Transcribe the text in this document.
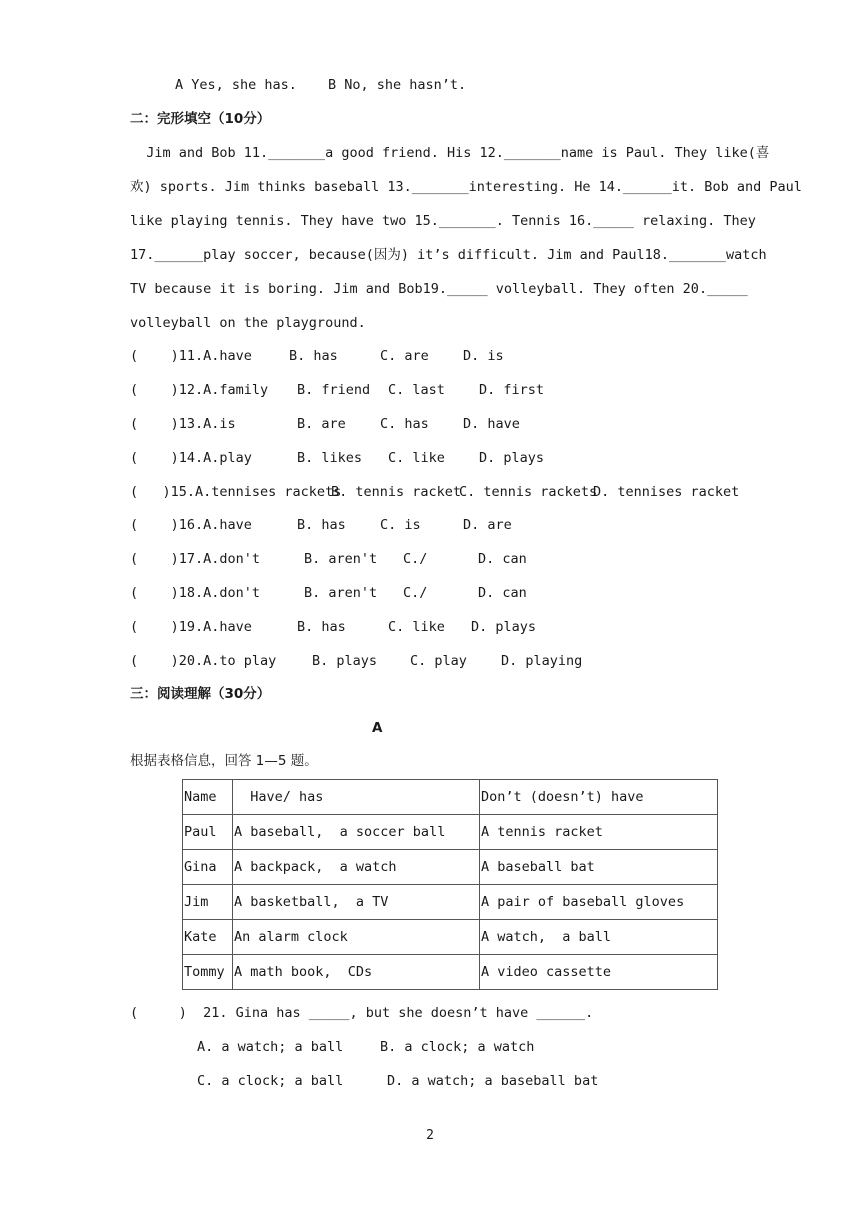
A Yes, she has. B No, she hasn’t.
二：完形填空（10分）
Jim and Bob 11._______a good friend. His 12._______name is Paul. They like(喜
欢) sports. Jim thinks baseball 13._______interesting. He 14.______it. Bob and Paul
like playing tennis. They have two 15._______. Tennis 16._____ relaxing. They
17.______play soccer, because(因为) it’s difficult. Jim and Paul18._______watch
TV because it is boring. Jim and Bob19._____ volleyball. They often 20._____
volleyball on the playground.
(    )11.A.have	B. has	C. are	D. is
(    )12.A.family B. friend C. last	D. first
(    )13.A.is	B. are	C. has	D. have
(    )14.A.play	B. likes C. like	D. plays
(   )15.A.tennises rackets
B. tennis racket
C. tennis rackets
D. tennises racket
(    )16.A.have	B. has	C. is	D. are
(    )17.A.don't	B. aren't C./	D. can
(    )18.A.don't	B. aren't C./	D. can
(    )19.A.have	B. has	C. like D. plays
(    )20.A.to play	B. plays C. play	D. playing
三：阅读理解（30分）
A
根据表格信息，回答 1—5 题。
Name	Have/ has	Don’t (doesn’t) have
Paul	A baseball,  a soccer ball	A tennis racket
Gina	A backpack,  a watch	A baseball bat
Jim	A basketball,  a TV	A pair of baseball gloves
Kate	An alarm clock	A watch,  a ball
Tommy	A math book,  CDs	A video cassette
(     )  21. Gina has _____, but she doesn’t have ______.
A. a watch; a ball	B. a clock; a watch
C. a clock; a ball	D. a watch; a baseball bat
2
